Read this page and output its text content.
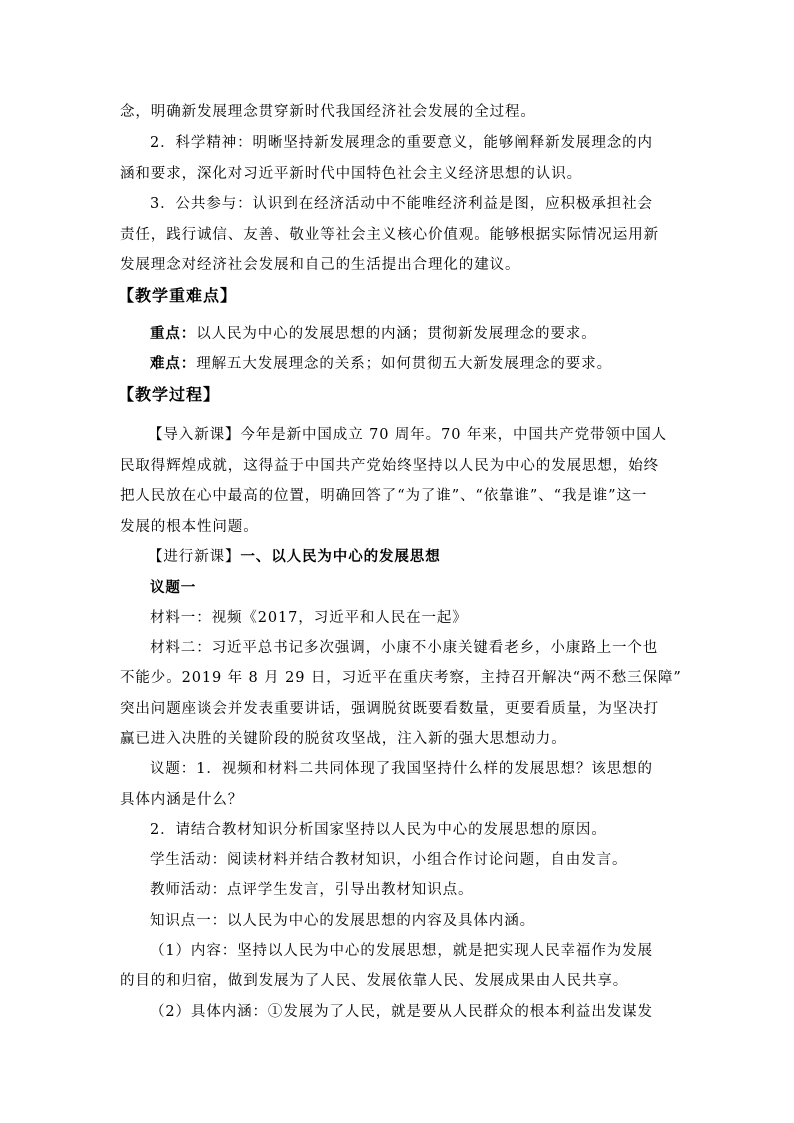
念，明确新发展理念贯穿新时代我国经济社会发展的全过程。
2．科学精神：明晰坚持新发展理念的重要意义，能够阐释新发展理念的内
涵和要求，深化对习近平新时代中国特色社会主义经济思想的认识。
3．公共参与：认识到在经济活动中不能唯经济利益是图，应积极承担社会
责任，践行诚信、友善、敬业等社会主义核心价值观。能够根据实际情况运用新
发展理念对经济社会发展和自己的生活提出合理化的建议。
【教学重难点】
重点：以人民为中心的发展思想的内涵；贯彻新发展理念的要求。
难点：理解五大发展理念的关系；如何贯彻五大新发展理念的要求。
【教学过程】
【导入新课】今年是新中国成立 70 周年。70 年来，中国共产党带领中国人
民取得辉煌成就，这得益于中国共产党始终坚持以人民为中心的发展思想，始终
把人民放在心中最高的位置，明确回答了“为了谁”、“依靠谁”、“我是谁”这一
发展的根本性问题。
【进行新课】一、以人民为中心的发展思想
议题一
材料一：视频《2017，习近平和人民在一起》
材料二：习近平总书记多次强调，小康不小康关键看老乡，小康路上一个也
不能少。2019 年 8 月 29 日，习近平在重庆考察，主持召开解决“两不愁三保障”
突出问题座谈会并发表重要讲话，强调脱贫既要看数量，更要看质量，为坚决打
赢已进入决胜的关键阶段的脱贫攻坚战，注入新的强大思想动力。
议题：1．视频和材料二共同体现了我国坚持什么样的发展思想？该思想的
具体内涵是什么？
2．请结合教材知识分析国家坚持以人民为中心的发展思想的原因。
学生活动：阅读材料并结合教材知识，小组合作讨论问题，自由发言。
教师活动：点评学生发言，引导出教材知识点。
知识点一：以人民为中心的发展思想的内容及具体内涵。
（1）内容：坚持以人民为中心的发展思想，就是把实现人民幸福作为发展
的目的和归宿，做到发展为了人民、发展依靠人民、发展成果由人民共享。
（2）具体内涵：①发展为了人民，就是要从人民群众的根本利益出发谋发
